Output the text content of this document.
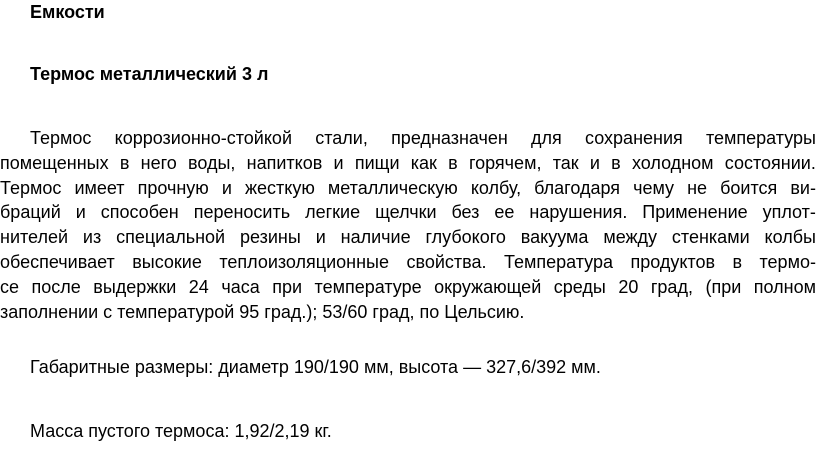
Емкости
Термос металлический 3 л
Термос коррозионно-стойкой стали, предназначен для сохранения температуры
помещенных в него воды, напитков и пищи как в горячем, так и в холодном состоянии.
Термос имеет прочную и жесткую металлическую колбу, благодаря чему не боится ви-
браций и способен переносить легкие щелчки без ее нарушения. Применение уплот-
нителей из специальной резины и наличие глубокого вакуума между стенками колбы
обеспечивает высокие теплоизоляционные свойства. Температура продуктов в термо-
се после выдержки 24 часа при температуре окружающей среды 20 град, (при полном
заполнении с температурой 95 град.); 53/60 град, по Цельсию.
Габаритные размеры: диаметр 190/190 мм, высота — 327,6/392 мм.
Масса пустого термоса: 1,92/2,19 кг.
